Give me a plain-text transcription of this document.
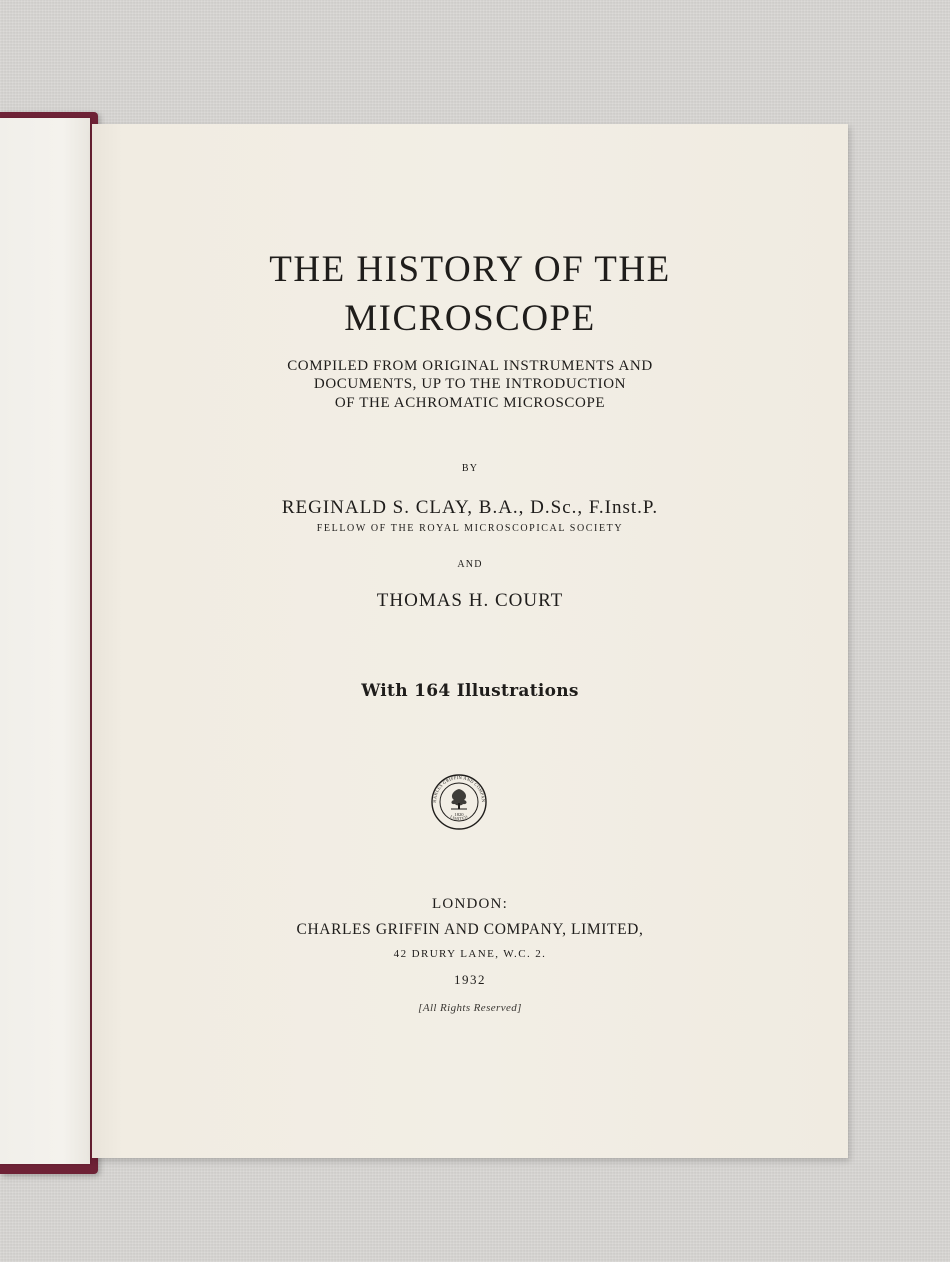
THE HISTORY OF THE
MICROSCOPE
COMPILED FROM ORIGINAL INSTRUMENTS AND
DOCUMENTS, UP TO THE INTRODUCTION
OF THE ACHROMATIC MICROSCOPE
BY
REGINALD S. CLAY, B.A., D.Sc., F.Inst.P.
FELLOW OF THE ROYAL MICROSCOPICAL SOCIETY
AND
THOMAS H. COURT
With 164 Illustrations
HARLES GRIFFIN AND COMPAN
1820
LIMITED
LONDON:
CHARLES GRIFFIN AND COMPANY, LIMITED,
42 DRURY LANE, W.C. 2.
1932
[All Rights Reserved]
